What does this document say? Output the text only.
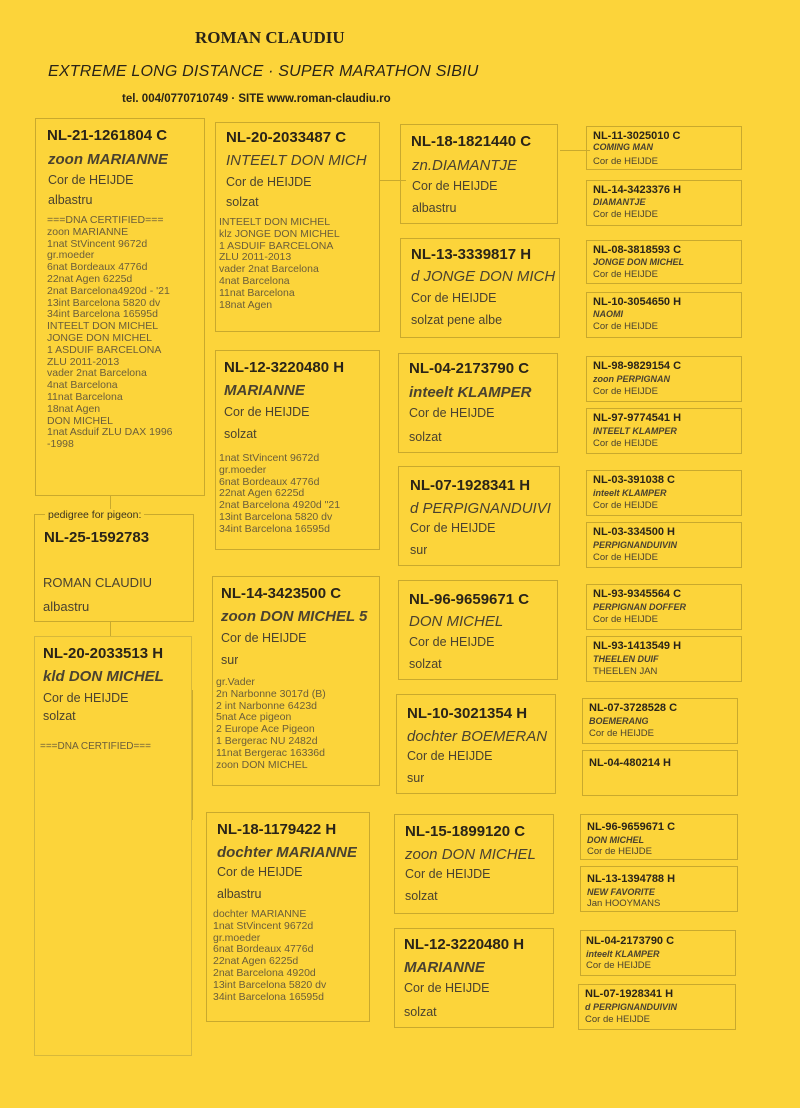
ROMAN CLAUDIU
EXTREME LONG DISTANCE · SUPER MARATHON SIBIU
tel. 004/0770710749 · SITE www.roman-claudiu.ro
NL-25-1592783
ROMAN CLAUDIU
albastru
pedigree for pigeon:
NL-21-1261804 C
zoon MARIANNE
Cor de HEIJDE
albastru
===DNA CERTIFIED===
zoon MARIANNE
1nat StVincent 9672d
gr.moeder
6nat Bordeaux 4776d
22nat Agen 6225d
2nat Barcelona4920d - '21
13int Barcelona 5820 dv
34int Barcelona 16595d
INTEELT DON MICHEL
JONGE DON MICHEL
1 ASDUIF BARCELONA
ZLU 2011-2013
vader 2nat Barcelona
4nat Barcelona
11nat Barcelona
18nat Agen
DON MICHEL
1nat Asduif ZLU DAX 1996
-1998
NL-20-2033513 H
kld DON MICHEL
Cor de HEIJDE
solzat
===DNA CERTIFIED===
NL-20-2033487 C
INTEELT DON MICH
Cor de HEIJDE
solzat
INTEELT DON MICHEL
klz JONGE DON MICHEL
1 ASDUIF BARCELONA
ZLU 2011-2013
vader 2nat Barcelona
4nat Barcelona
11nat Barcelona
18nat Agen
NL-12-3220480 H
MARIANNE
Cor de HEIJDE
solzat
1nat StVincent 9672d
gr.moeder
6nat Bordeaux 4776d
22nat Agen 6225d
2nat Barcelona 4920d "21
13int Barcelona 5820 dv
34int Barcelona 16595d
NL-14-3423500 C
zoon DON MICHEL 5
Cor de HEIJDE
sur
gr.Vader
2n Narbonne 3017d (B)
2 int Narbonne 6423d
5nat Ace pigeon
2 Europe Ace Pigeon
1 Bergerac NU 2482d
11nat Bergerac 16336d
zoon DON MICHEL
NL-18-1179422 H
dochter MARIANNE
Cor de HEIJDE
albastru
dochter MARIANNE
1nat StVincent 9672d
gr.moeder
6nat Bordeaux 4776d
22nat Agen 6225d
2nat Barcelona 4920d
13int Barcelona 5820 dv
34int Barcelona 16595d
NL-18-1821440 C
zn.DIAMANTJE
Cor de HEIJDE
albastru
NL-13-3339817 H
d JONGE DON MICH
Cor de HEIJDE
solzat pene albe
NL-04-2173790 C
inteelt KLAMPER
Cor de HEIJDE
solzat
NL-07-1928341 H
d PERPIGNANDUIVI
Cor de HEIJDE
sur
NL-96-9659671 C
DON MICHEL
Cor de HEIJDE
solzat
NL-10-3021354 H
dochter BOEMERAN
Cor de HEIJDE
sur
NL-15-1899120 C
zoon DON MICHEL
Cor de HEIJDE
solzat
NL-12-3220480 H
MARIANNE
Cor de HEIJDE
solzat
NL-11-3025010 C
COMING MAN
Cor de HEIJDE
NL-14-3423376 H
DIAMANTJE
Cor de HEIJDE
NL-08-3818593 C
JONGE DON MICHEL
Cor de HEIJDE
NL-10-3054650 H
NAOMI
Cor de HEIJDE
NL-98-9829154 C
zoon PERPIGNAN
Cor de HEIJDE
NL-97-9774541 H
INTEELT KLAMPER
Cor de HEIJDE
NL-03-391038 C
inteelt KLAMPER
Cor de HEIJDE
NL-03-334500 H
PERPIGNANDUIVIN
Cor de HEIJDE
NL-93-9345564 C
PERPIGNAN DOFFER
Cor de HEIJDE
NL-93-1413549 H
THEELEN DUIF
THEELEN JAN
NL-07-3728528 C
BOEMERANG
Cor de HEIJDE
NL-04-480214 H
NL-96-9659671 C
DON MICHEL
Cor de HEIJDE
NL-13-1394788 H
NEW FAVORITE
Jan HOOYMANS
NL-04-2173790 C
inteelt KLAMPER
Cor de HEIJDE
NL-07-1928341 H
d PERPIGNANDUIVIN
Cor de HEIJDE
